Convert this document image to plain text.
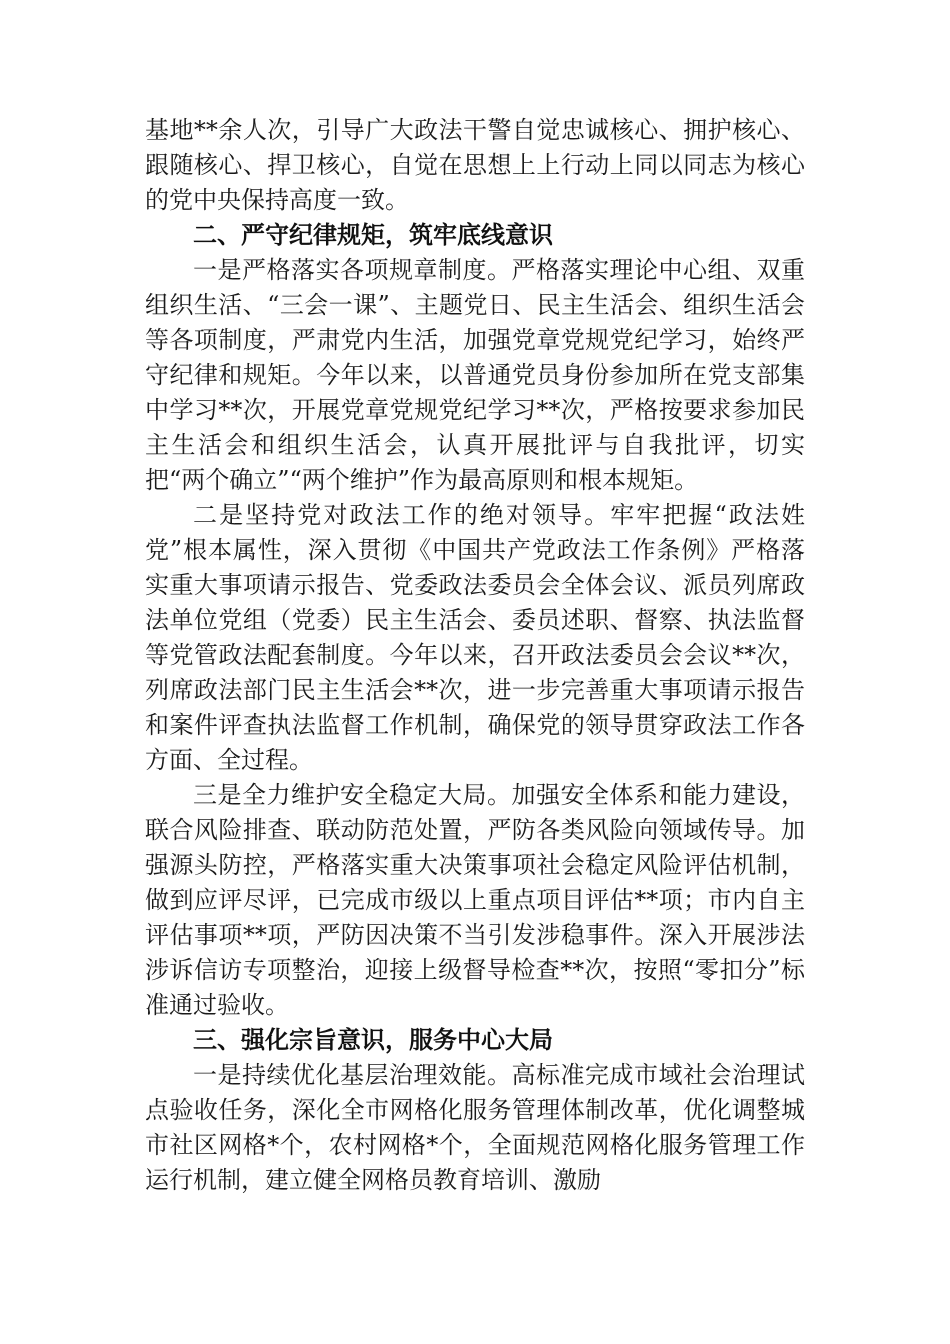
基地**余人次，引导广大政法干警自觉忠诚核心、拥护核心、跟随核心、捍卫核心，自觉在思想上上行动上同以同志为核心的党中央保持高度一致。

二、严守纪律规矩，筑牢底线意识

一是严格落实各项规章制度。严格落实理论中心组、双重组织生活、“三会一课”、主题党日、民主生活会、组织生活会等各项制度，严肃党内生活，加强党章党规党纪学习，始终严守纪律和规矩。今年以来，以普通党员身份参加所在党支部集中学习**次，开展党章党规党纪学习**次，严格按要求参加民主生活会和组织生活会，认真开展批评与自我批评，切实把“两个确立”“两个维护”作为最高原则和根本规矩。

二是坚持党对政法工作的绝对领导。牢牢把握“政法姓党”根本属性，深入贯彻《中国共产党政法工作条例》严格落实重大事项请示报告、党委政法委员会全体会议、派员列席政法单位党组（党委）民主生活会、委员述职、督察、执法监督等党管政法配套制度。今年以来，召开政法委员会会议**次，列席政法部门民主生活会**次，进一步完善重大事项请示报告和案件评查执法监督工作机制，确保党的领导贯穿政法工作各方面、全过程。

三是全力维护安全稳定大局。加强安全体系和能力建设，联合风险排查、联动防范处置，严防各类风险向领域传导。加强源头防控，严格落实重大决策事项社会稳定风险评估机制，做到应评尽评，已完成市级以上重点项目评估**项；市内自主评估事项**项，严防因决策不当引发涉稳事件。深入开展涉法涉诉信访专项整治，迎接上级督导检查**次，按照“零扣分”标准通过验收。

三、强化宗旨意识，服务中心大局

一是持续优化基层治理效能。高标准完成市域社会治理试点验收任务，深化全市网格化服务管理体制改革，优化调整城市社区网格*个，农村网格*个，全面规范网格化服务管理工作运行机制，建立健全网格员教育培训、激励
